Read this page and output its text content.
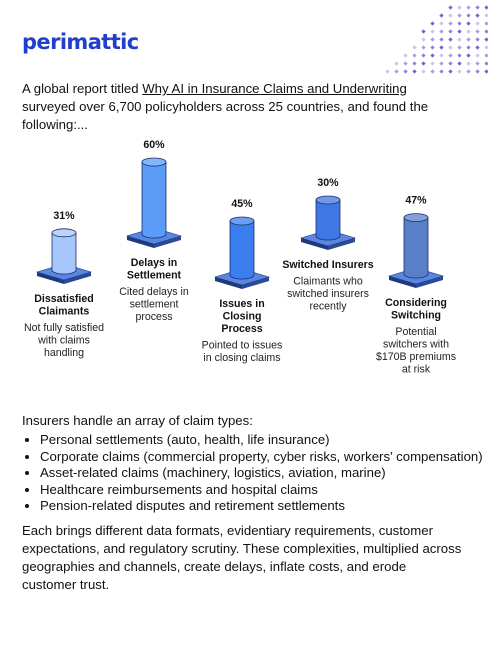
perimattic

A global report titled Why AI in Insurance Claims and Underwriting surveyed over 6,700 policyholders across 25 countries, and found the following:...

31%
Dissatisfied
Claimants
Not fully satisfied
with claims
handling
60%
Delays in
Settlement
Cited delays in
settlement
process
45%
Issues in
Closing
Process
Pointed to issues
in closing claims
30%
Switched Insurers
Claimants who
switched insurers
recently
47%
Considering
Switching
Potential
switchers with
$170B premiums
at risk
Insurers handle an array of claim types:
• Personal settlements (auto, health, life insurance)
• Corporate claims (commercial property, cyber risks, workers’ compensation)
• Asset-related claims (machinery, logistics, aviation, marine)
• Healthcare reimbursements and hospital claims
• Pension-related disputes and retirement settlements

Each brings different data formats, evidentiary requirements, customer expectations, and regulatory scrutiny. These complexities, multiplied across geographies and channels, create delays, inflate costs, and erode customer trust.
